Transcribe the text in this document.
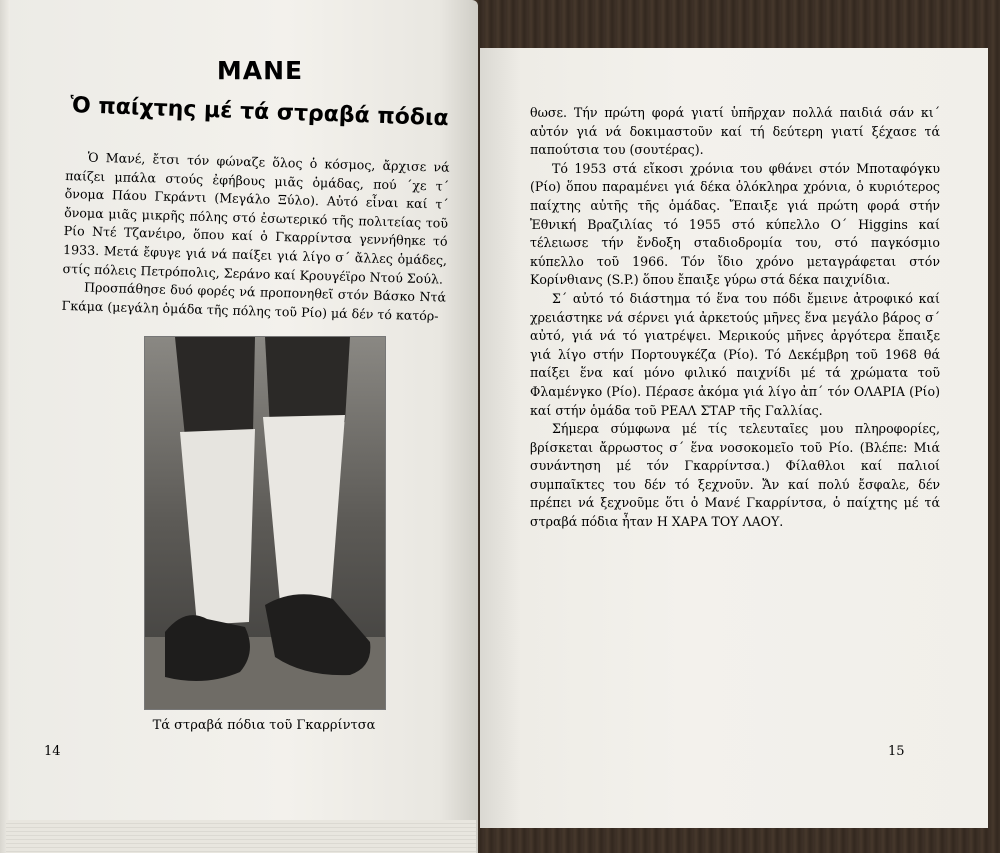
ΜΑΝΕ
Ὁ παίχτης μέ τά στραβά πόδια

Ὁ Μανέ, ἔτσι τόν φώναζε ὅλος ὁ κόσμος, ἄρχισε νά παίζει μπάλα στούς ἐφήβους μιᾶς ὁμάδας, πού ΄χε τ΄ ὄνομα Πάου Γκράντι (Μεγάλο Ξύλο). Αὐτό εἶναι καί τ΄ ὄνομα μιᾶς μικρῆς πόλης στό ἐσωτερικό τῆς πολιτείας τοῦ Ρίο Ντέ Τζανέιρο, ὅπου καί ὁ Γκαρρίντσα γεννήθηκε τό 1933. Μετά ἔφυγε γιά νά παίξει γιά λίγο σ΄ ἄλλες ὁμάδες, στίς πόλεις Πετρόπολις, Σεράνο καί Κρουγέϊρο Ντού Σούλ.

Προσπάθησε δυό φορές νά προπονηθεῖ στόν Βάσκο Ντά Γκάμα (μεγάλη ὁμάδα τῆς πόλης τοῦ Ρίο) μά δέν τό κατόρ-

Τά στραβά πόδια τοῦ Γκαρρίντσα
14

θωσε. Τήν πρώτη φορά γιατί ὑπῆρχαν πολλά παιδιά σάν κι΄ αὐτόν γιά νά δοκιμαστοῦν καί τή δεύτερη γιατί ξέχασε τά παπούτσια του (σουτέρας).

Τό 1953 στά εἴκοσι χρόνια του φθάνει στόν Μποταφόγκυ (Ρίο) ὅπου παραμένει γιά δέκα ὁλόκληρα χρόνια, ὁ κυριότερος παίχτης αὐτῆς τῆς ὁμάδας. Ἔπαιξε γιά πρώτη φορά στήν Ἐθνική Βραζιλίας τό 1955 στό κύπελλο Ο΄ Higgins καί τέλειωσε τήν ἔνδοξη σταδιοδρομία του, στό παγκόσμιο κύπελλο τοῦ 1966. Τόν ἴδιο χρόνο μεταγράφεται στόν Κορίνθιανς (S.P.) ὅπου ἔπαιξε γύρω στά δέκα παιχνίδια.

Σ΄ αὐτό τό διάστημα τό ἕνα του πόδι ἔμεινε ἀτροφικό καί χρειάστηκε νά σέρνει γιά ἀρκετούς μῆνες ἕνα μεγάλο βάρος σ΄ αὐτό, γιά νά τό γιατρέψει. Μερικούς μῆνες ἀργότερα ἔπαιξε γιά λίγο στήν Πορτουγκέζα (Ρίο). Τό Δεκέμβρη τοῦ 1968 θά παίξει ἕνα καί μόνο φιλικό παιχνίδι μέ τά χρώματα τοῦ Φλαμένγκο (Ρίο). Πέρασε ἀκόμα γιά λίγο ἀπ΄ τόν ΟΛΑΡΙΑ (Ρίο) καί στήν ὁμάδα τοῦ ΡΕΑΛ ΣΤΑΡ τῆς Γαλλίας.

Σήμερα σύμφωνα μέ τίς τελευταῖες μου πληροφορίες, βρίσκεται ἄρρωστος σ΄ ἕνα νοσοκομεῖο τοῦ Ρίο. (Βλέπε: Μιά συνάντηση μέ τόν Γκαρρίντσα.) Φίλαθλοι καί παλιοί συμπαῖκτες του δέν τό ξεχνοῦν. Ἄν καί πολύ ἔσφαλε, δέν πρέπει νά ξεχνοῦμε ὅτι ὁ Μανέ Γκαρρίντσα, ὁ παίχτης μέ τά στραβά πόδια ἦταν Η ΧΑΡΑ ΤΟΥ ΛΑΟΥ.

15
